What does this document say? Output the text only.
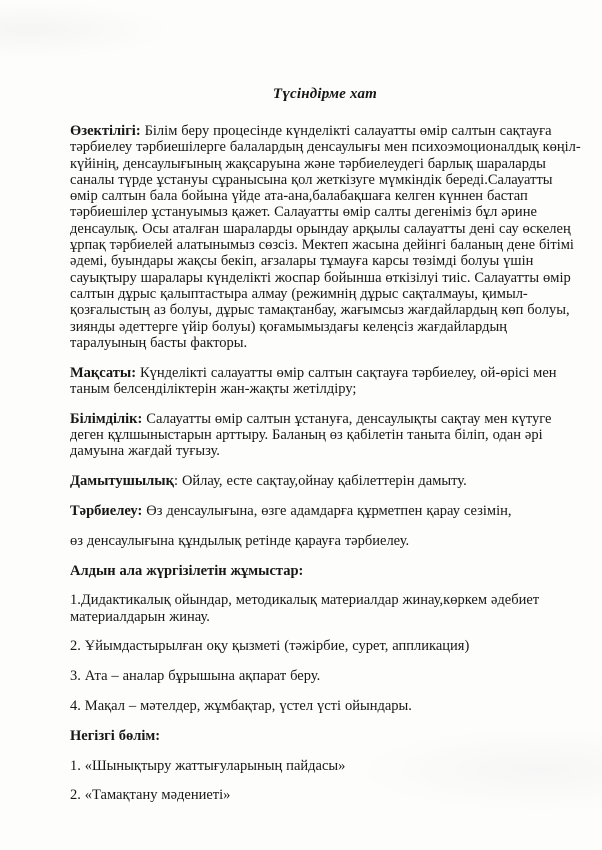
Түсіндірме хат

Өзектілігі: Білім беру процесінде күнделікті салауатты өмір салтын сақтауға тәрбиелеу тәрбиешілерге балалардың денсаулығы мен психоэмоционалдық көңіл-күйінің, денсаулығының жақсаруына және тәрбиелеудегі барлық шараларды саналы түрде ұстануы сұранысына қол жеткізуге мүмкіндік береді.Салауатты өмір салтын бала бойына үйде ата-ана,балабақшаға келген күннен бастап тәрбиешілер ұстануымыз қажет. Салауатты өмір салты дегеніміз бұл әрине денсаулық. Осы аталған шараларды орындау арқылы салауатты дені сау өскелең ұрпақ тәрбиелей алатынымыз сөзсіз. Мектеп жасына дейінгі баланың дене бітімі әдемі, буындары жақсы бекіп, ағзалары тұмауға карсы төзімді болуы үшін сауықтыру шаралары күнделікті жоспар бойынша өткізілуі тиіс. Салауатты өмір салтын дұрыс қалыптастыра алмау (режимнің дұрыс сақталмауы, қимыл-қозғалыстың аз болуы, дұрыс тамақтанбау, жағымсыз жағдайлардың көп болуы, зиянды әдеттерге үйір болуы) қоғамымыздағы келеңсіз жағдайлардың таралуының басты факторы.

Мақсаты: Күнделікті салауатты өмір салтын сақтауға тәрбиелеу, ой-өрісі мен таным белсенділіктерін жан-жақты жетілдіру;

Білімділік: Салауатты өмір салтын ұстануға, денсаулықты сақтау мен күтуге деген құлшыныстарын арттыру. Баланың өз қабілетін таныта біліп, одан әрі дамуына жағдай туғызу.

Дамытушылық: Ойлау, есте сақтау,ойнау қабілеттерін дамыту.

Тәрбиелеу: Өз денсаулығына, өзге адамдарға құрметпен қарау сезімін,

өз денсаулығына құндылық ретінде қарауға тәрбиелеу.

Алдын ала жүргізілетін жұмыстар:

1.Дидактикалық ойындар, методикалық материалдар жинау,көркем әдебиет материалдарын жинау.

2. Ұйымдастырылған оқу қызметі (тәжірбие, сурет, аппликация)

3. Ата – аналар бұрышына ақпарат беру.

4. Мақал – мәтелдер, жұмбақтар, үстел үсті ойындары.

Негізгі бөлім:

1. «Шынықтыру жаттығуларының пайдасы»

2. «Тамақтану мәдениеті»
